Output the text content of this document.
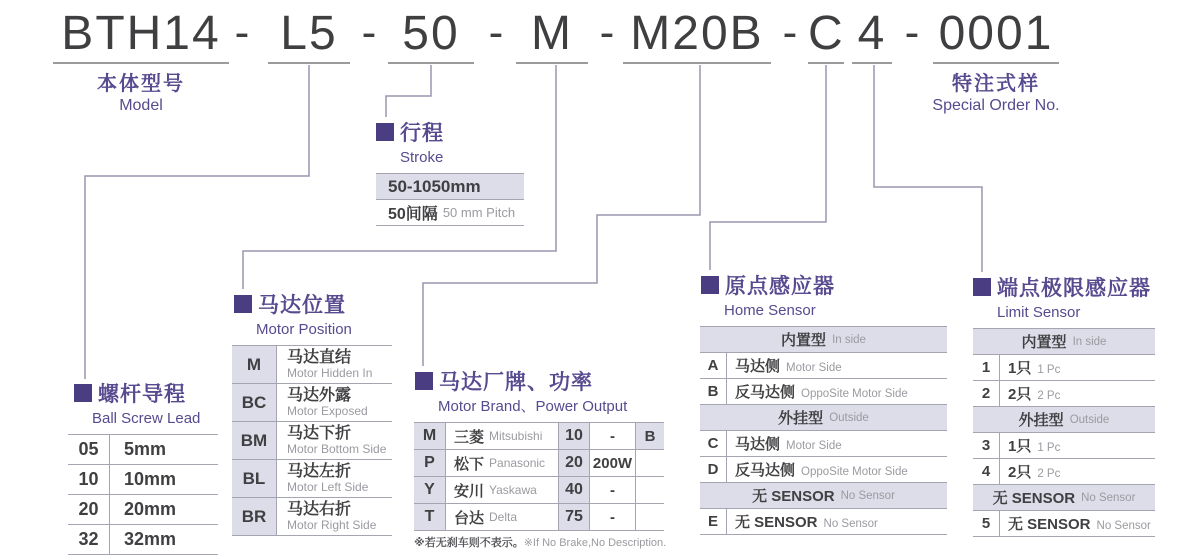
BTH14 - L5 - 50 - M - M20B - C 4 - 0001
本体型号
Model
特注式样
Special Order No.
行程
Stroke
50-1050mm
50间隔 50 mm Pitch
螺杆导程
Ball Screw Lead
05	5mm
10	10mm
20	20mm
32	32mm
马达位置
Motor Position
M	马达直结
Motor Hidden In
BC	马达外露
Motor Exposed
BM	马达下折
Motor Bottom Side
BL	马达左折
Motor Left Side
BR	马达右折
Motor Right Side
马达厂牌、功率
Motor Brand、Power Output
M	三菱 Mitsubishi	10	-	B
P	松下 Panasonic	20 200W
Y	安川 Yaskawa	40	-
T	台达 Delta	75	-
※若无刹车则不表示。※If No Brake,No Description.
原点感应器
Home Sensor
内置型 In side
A	马达侧 Motor Side
B	反马达侧 OppoSite Motor Side
外挂型 Outside
C	马达侧 Motor Side
D	反马达侧 OppoSite Motor Side
无 SENSOR No Sensor
E	无 SENSOR No Sensor
端点极限感应器
Limit Sensor
内置型 In side
1	1只 1 Pc
2	2只 2 Pc
外挂型 Outside
3	1只 1 Pc
4	2只 2 Pc
无 SENSOR No Sensor
5	无 SENSOR No Sensor
